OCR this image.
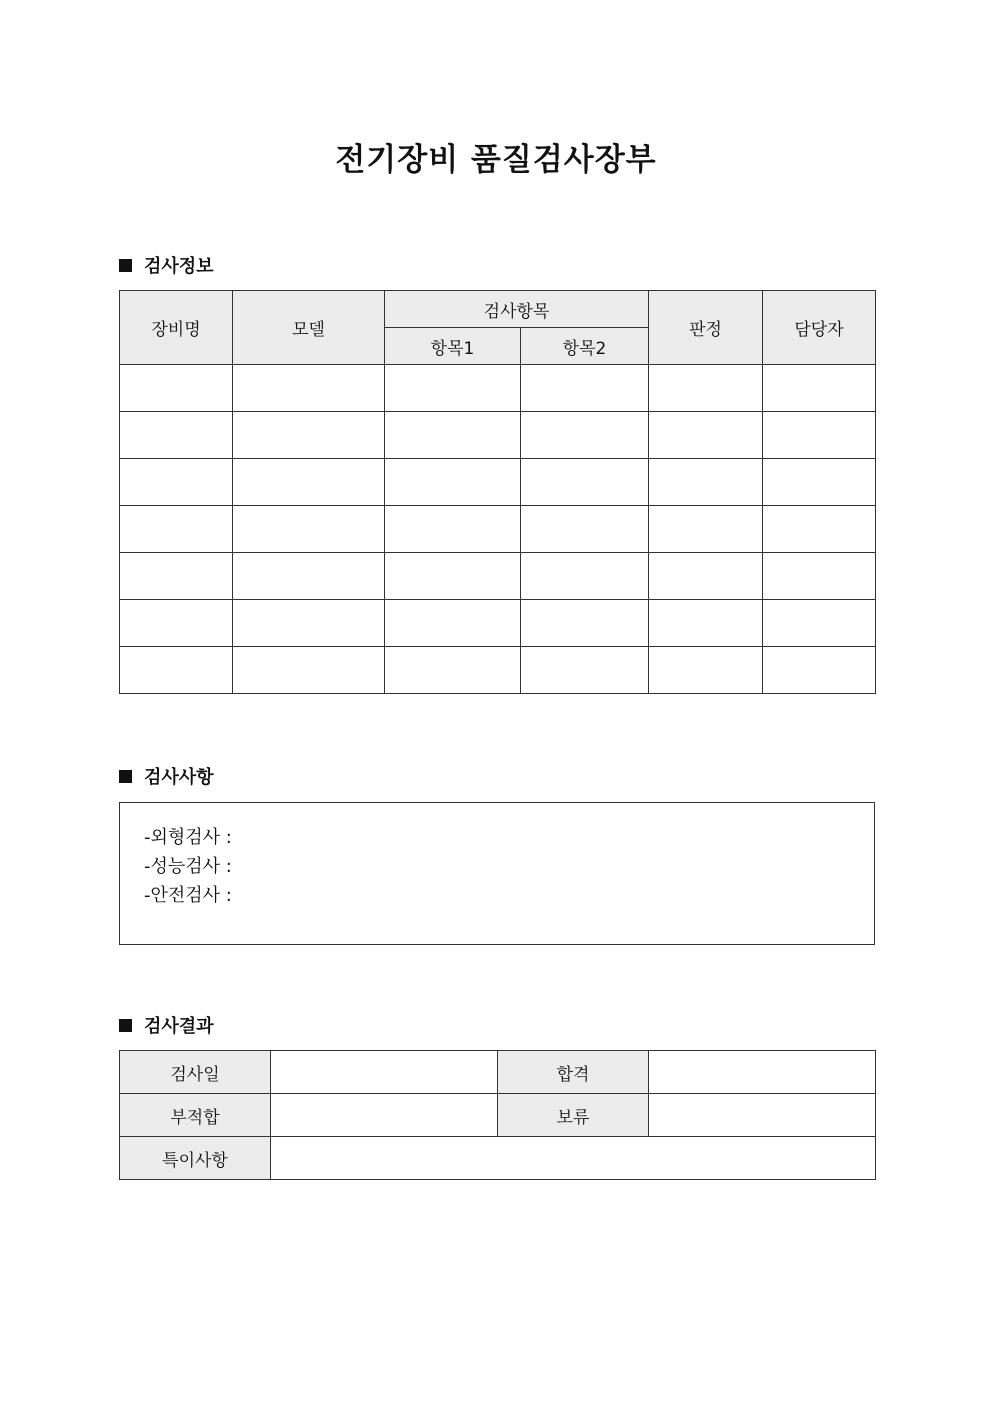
전기장비 품질검사장부
검사정보
장비명	모델	검사항목		판정	담당자
		항목1	항목2		

검사사항
-외형검사 :
-성능검사 :
-안전검사 :
검사결과
검사일		합격	
부적합		보류	
특이사항			
